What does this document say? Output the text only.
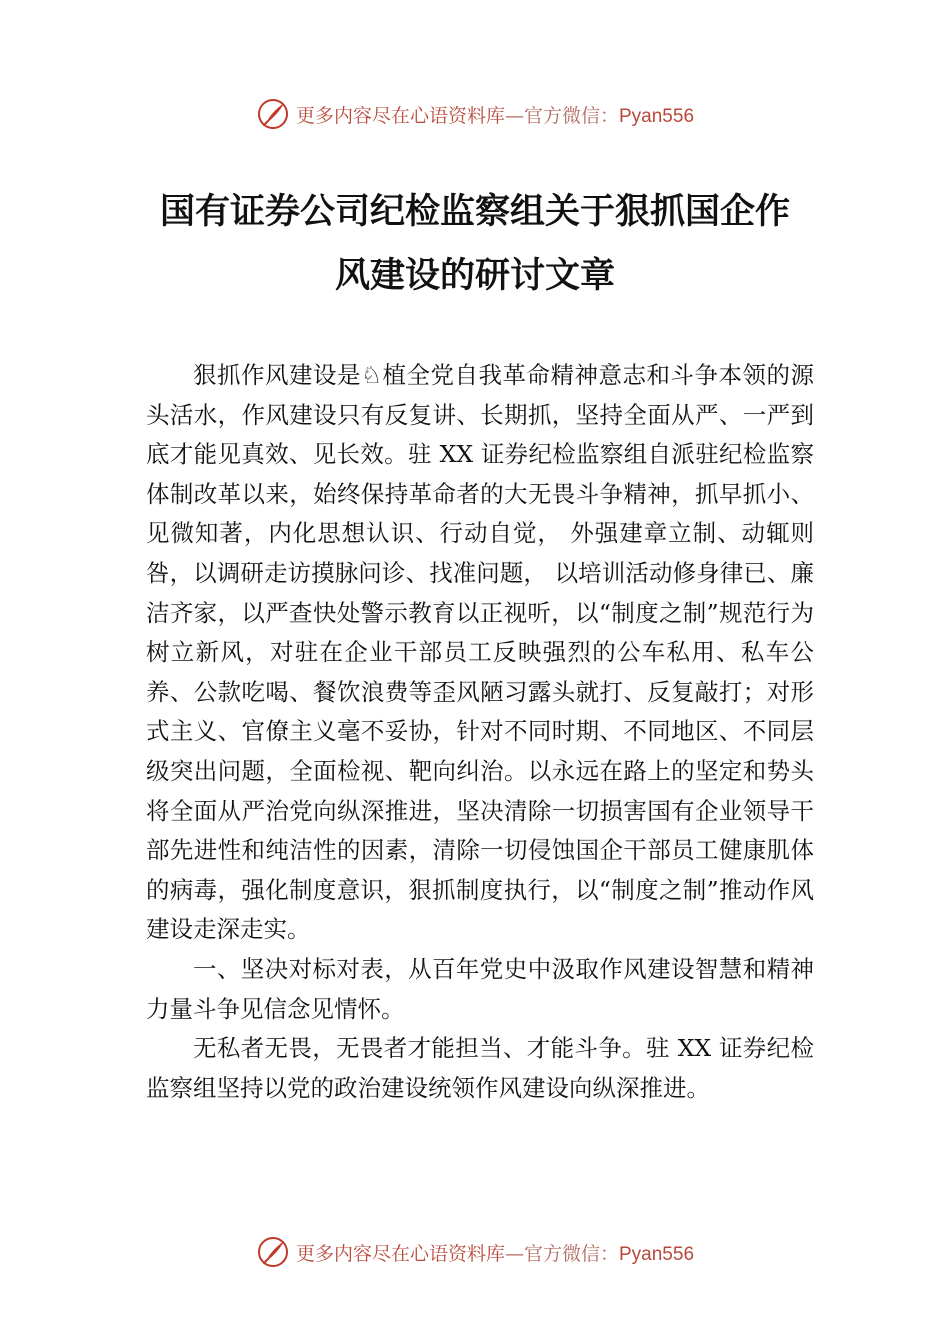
更多内容尽在心语资料库—官方微信：Pyan556
国有证券公司纪检监察组关于狠抓国企作
风建设的研讨文章

狠抓作风建设是♘植全党自我革命精神意志和斗争本领的源头活水，作风建设只有反复讲、长期抓，坚持全面从严、一严到底才能见真效、见长效。驻 XX 证券纪检监察组自派驻纪检监察体制改革以来，始终保持革命者的大无畏斗争精神，抓早抓小、见微知著，内化思想认识、行动自觉， 外强建章立制、动辄则咎，以调研走访摸脉问诊、找准问题， 以培训活动修身律已、廉洁齐家，以严查快处警示教育以正视听，以“制度之制”规范行为树立新风，对驻在企业干部员工反映强烈的公车私用、私车公养、公款吃喝、餐饮浪费等歪风陋习露头就打、反复敲打；对形式主义、官僚主义毫不妥协，针对不同时期、不同地区、不同层级突出问题，全面检视、靶向纠治。以永远在路上的坚定和势头将全面从严治党向纵深推进，坚决清除一切损害国有企业领导干部先进性和纯洁性的因素，清除一切侵蚀国企干部员工健康肌体的病毒，强化制度意识，狠抓制度执行，以“制度之制”推动作风建设走深走实。

一、坚决对标对表，从百年党史中汲取作风建设智慧和精神力量斗争见信念见情怀。

无私者无畏，无畏者才能担当、才能斗争。驻 XX 证券纪检监察组坚持以党的政治建设统领作风建设向纵深推进。

更多内容尽在心语资料库—官方微信：Pyan556
